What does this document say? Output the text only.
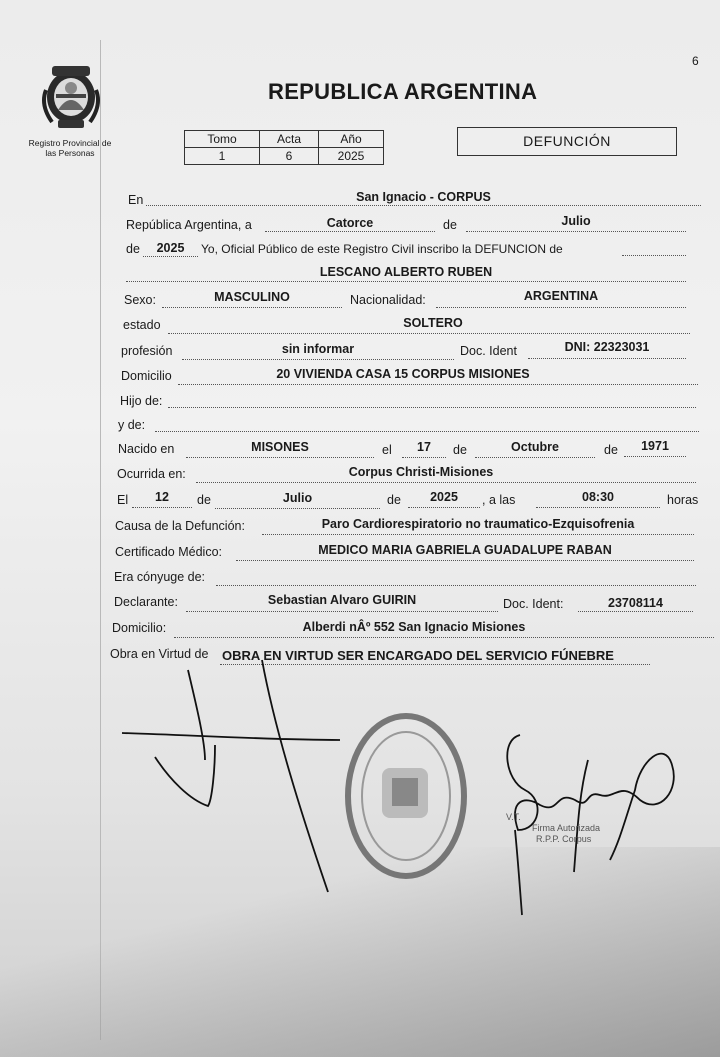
6
Registro Provincial de
las Personas
REPUBLICA ARGENTINA
Tomo	Acta	Año
1	6	2025
DEFUNCIÓN
En	San Ignacio - CORPUS
República Argentina, a	Catorce	de	Julio
de	2025	Yo, Oficial Público de este Registro Civil inscribo la DEFUNCION de
LESCANO ALBERTO RUBEN
Sexo:	MASCULINO	Nacionalidad:	ARGENTINA
estado	SOLTERO
profesión	sin informar	Doc. Ident	DNI: 22323031
Domicilio	20 VIVIENDA CASA 15 CORPUS MISIONES
Hijo de:
y de:
Nacido en	MISONES	el	17	de	Octubre	de	1971
Ocurrida en:	Corpus Christi-Misiones
El	12	de	Julio	de	2025	, a las	08:30	horas
Causa de la Defunción:	Paro Cardiorespiratorio no traumatico-Ezquisofrenia
Certificado Médico:	MEDICO MARIA GABRIELA GUADALUPE RABAN
Era cónyuge de:
Declarante:	Sebastian Alvaro GUIRIN	Doc. Ident:	23708114
Domicilio:	Alberdi nÂº 552 San Ignacio Misiones
Obra en Virtud de OBRA EN VIRTUD SER ENCARGADO DEL SERVICIO FÚNEBRE
V.T.
Firma Autorizada
R.P.P. Corpus
